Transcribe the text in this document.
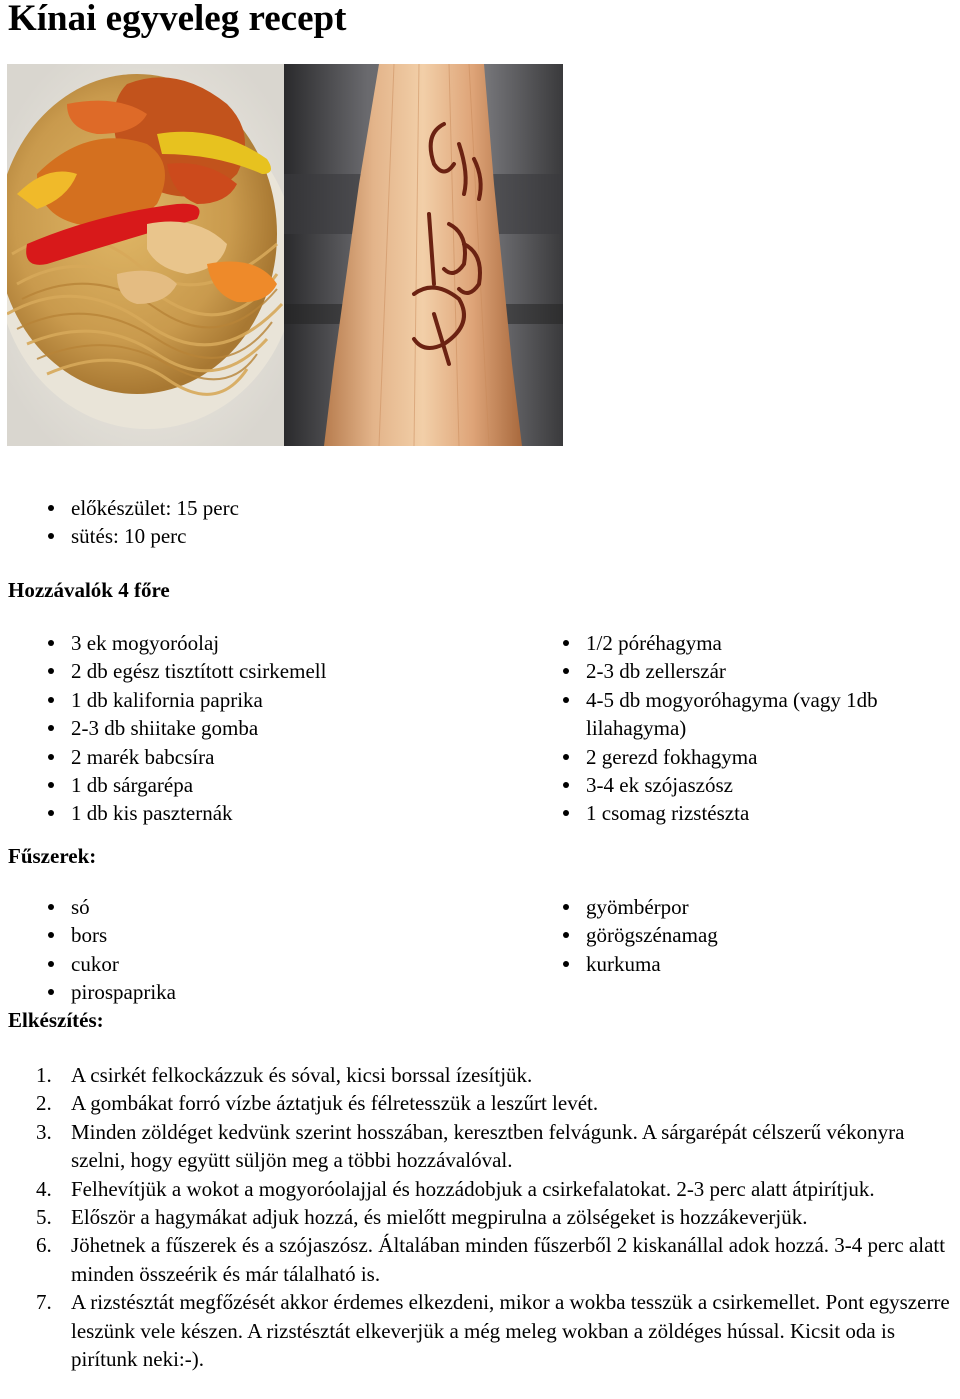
Kínai egyveleg recept
előkészület: 15 perc
sütés: 10 perc
Hozzávalók 4 főre
3 ek mogyoróolaj
2 db egész tisztított csirkemell
1 db kalifornia paprika
2-3 db shiitake gomba
2 marék babcsíra
1 db sárgarépa
1 db kis paszternák
1/2 póréhagyma
2-3 db zellerszár
4-5 db mogyoróhagyma (vagy 1db lilahagyma)
2 gerezd fokhagyma
3-4 ek szójaszósz
1 csomag rizstészta
Fűszerek:
só
bors
cukor
pirospaprika
gyömbérpor
görögszénamag
kurkuma
Elkészítés:
1. A csirkét felkockázzuk és sóval, kicsi borssal ízesítjük.
2. A gombákat forró vízbe áztatjuk és félretesszük a leszűrt levét.
3. Minden zöldéget kedvünk szerint hosszában, keresztben felvágunk. A sárgarépát célszerű vékonyra szelni, hogy együtt süljön meg a többi hozzávalóval.
4. Felhevítjük a wokot a mogyoróolajjal és hozzádobjuk a csirkefalatokat. 2-3 perc alatt átpirítjuk.
5. Először a hagymákat adjuk hozzá, és mielőtt megpirulna a zölségeket is hozzákeverjük.
6. Jöhetnek a fűszerek és a szójaszósz. Általában minden fűszerből 2 kiskanállal adok hozzá. 3-4 perc alatt minden összeérik és már tálalható is.
7. A rizstésztát megfőzését akkor érdemes elkezdeni, mikor a wokba tesszük a csirkemellet. Pont egyszerre leszünk vele készen. A rizstésztát elkeverjük a még meleg wokban a zöldéges hússal. Kicsit oda is pirítunk neki:-).
